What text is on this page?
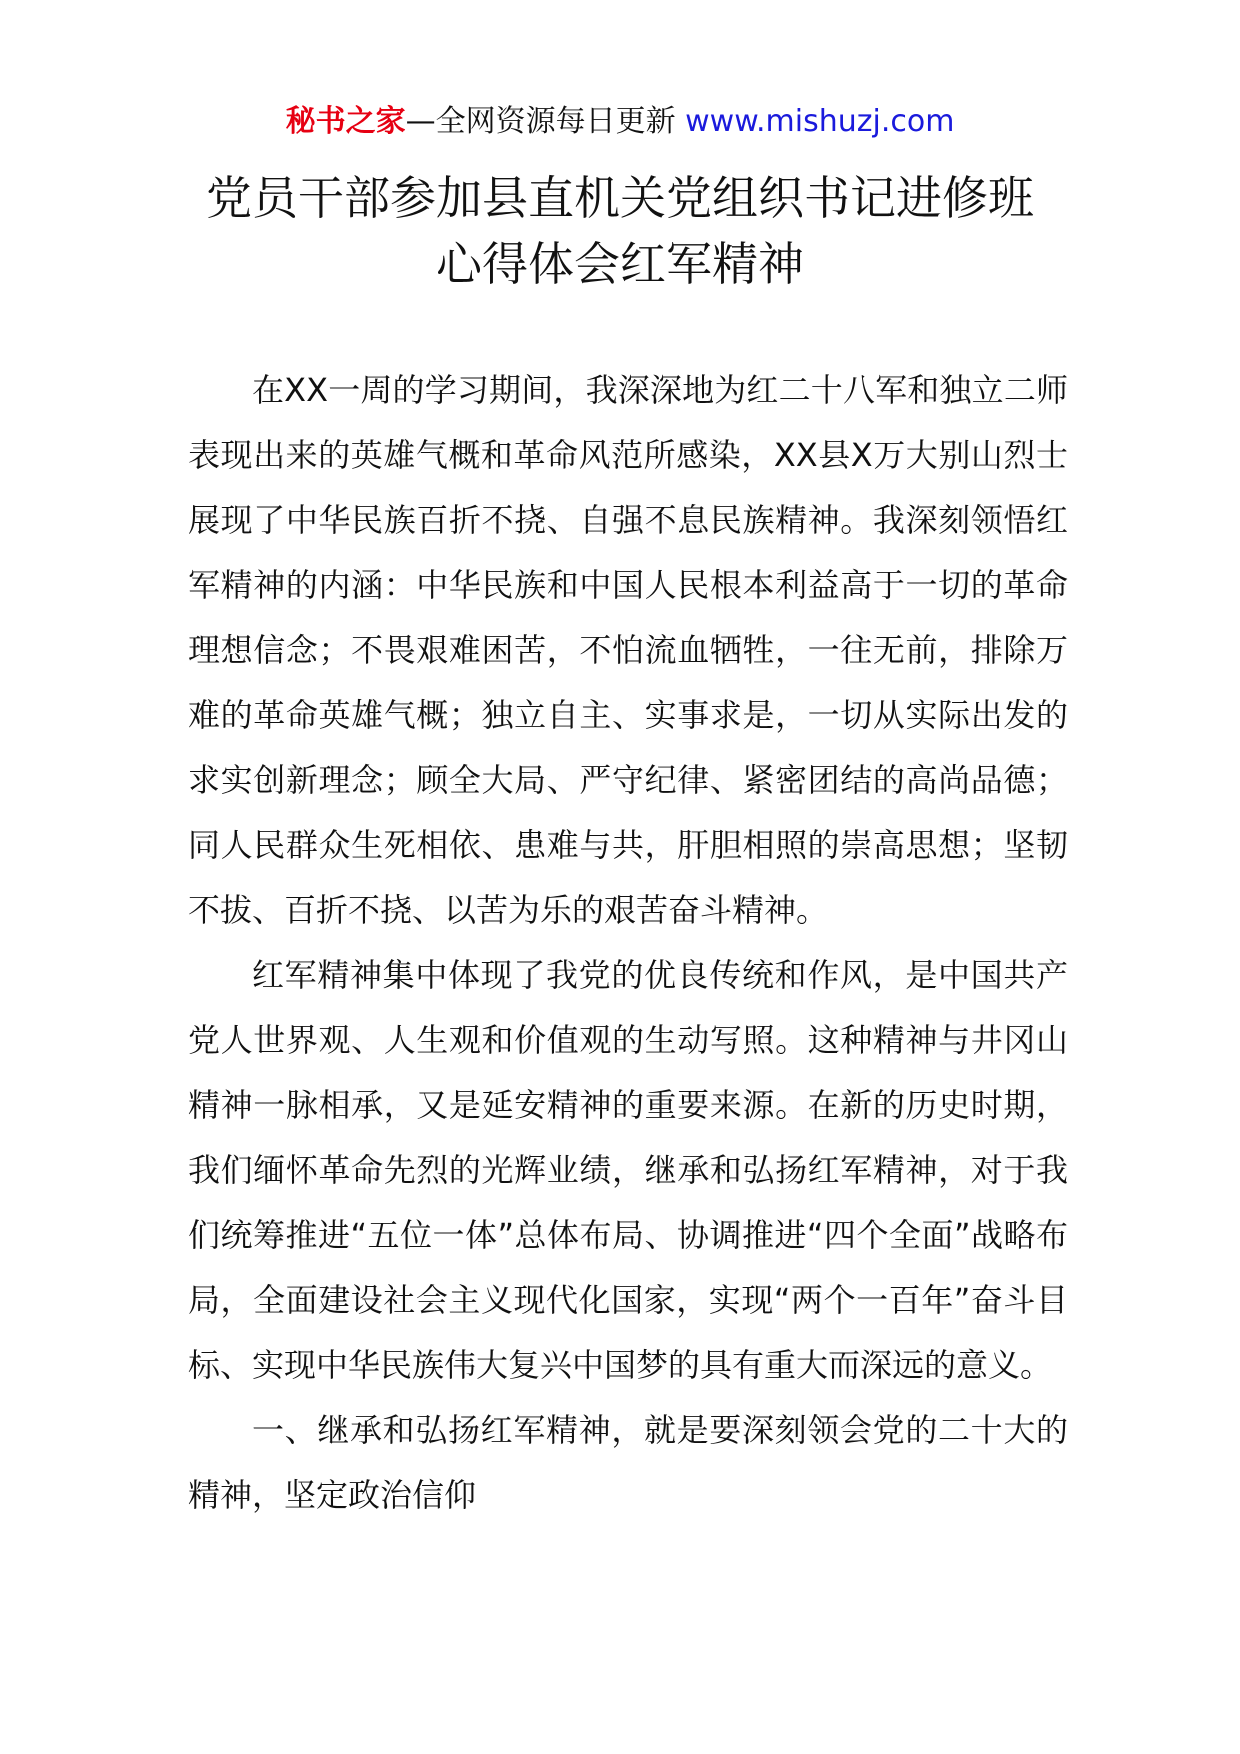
秘书之家—全网资源每日更新 www.mishuzj.com
党员干部参加县直机关党组织书记进修班
心得体会红军精神

在XX一周的学习期间，我深深地为红二十八军和独立二师表现出来的英雄气概和革命风范所感染，XX县X万大别山烈士展现了中华民族百折不挠、自强不息民族精神。我深刻领悟红军精神的内涵：中华民族和中国人民根本利益高于一切的革命理想信念；不畏艰难困苦，不怕流血牺牲，一往无前，排除万难的革命英雄气概；独立自主、实事求是，一切从实际出发的求实创新理念；顾全大局、严守纪律、紧密团结的高尚品德；同人民群众生死相依、患难与共，肝胆相照的崇高思想；坚韧不拔、百折不挠、以苦为乐的艰苦奋斗精神。

红军精神集中体现了我党的优良传统和作风，是中国共产党人世界观、人生观和价值观的生动写照。这种精神与井冈山精神一脉相承，又是延安精神的重要来源。在新的历史时期，我们缅怀革命先烈的光辉业绩，继承和弘扬红军精神，对于我们统筹推进“五位一体”总体布局、协调推进“四个全面”战略布局，全面建设社会主义现代化国家，实现“两个一百年”奋斗目标、实现中华民族伟大复兴中国梦的具有重大而深远的意义。

一、继承和弘扬红军精神，就是要深刻领会党的二十大的精神，坚定政治信仰
